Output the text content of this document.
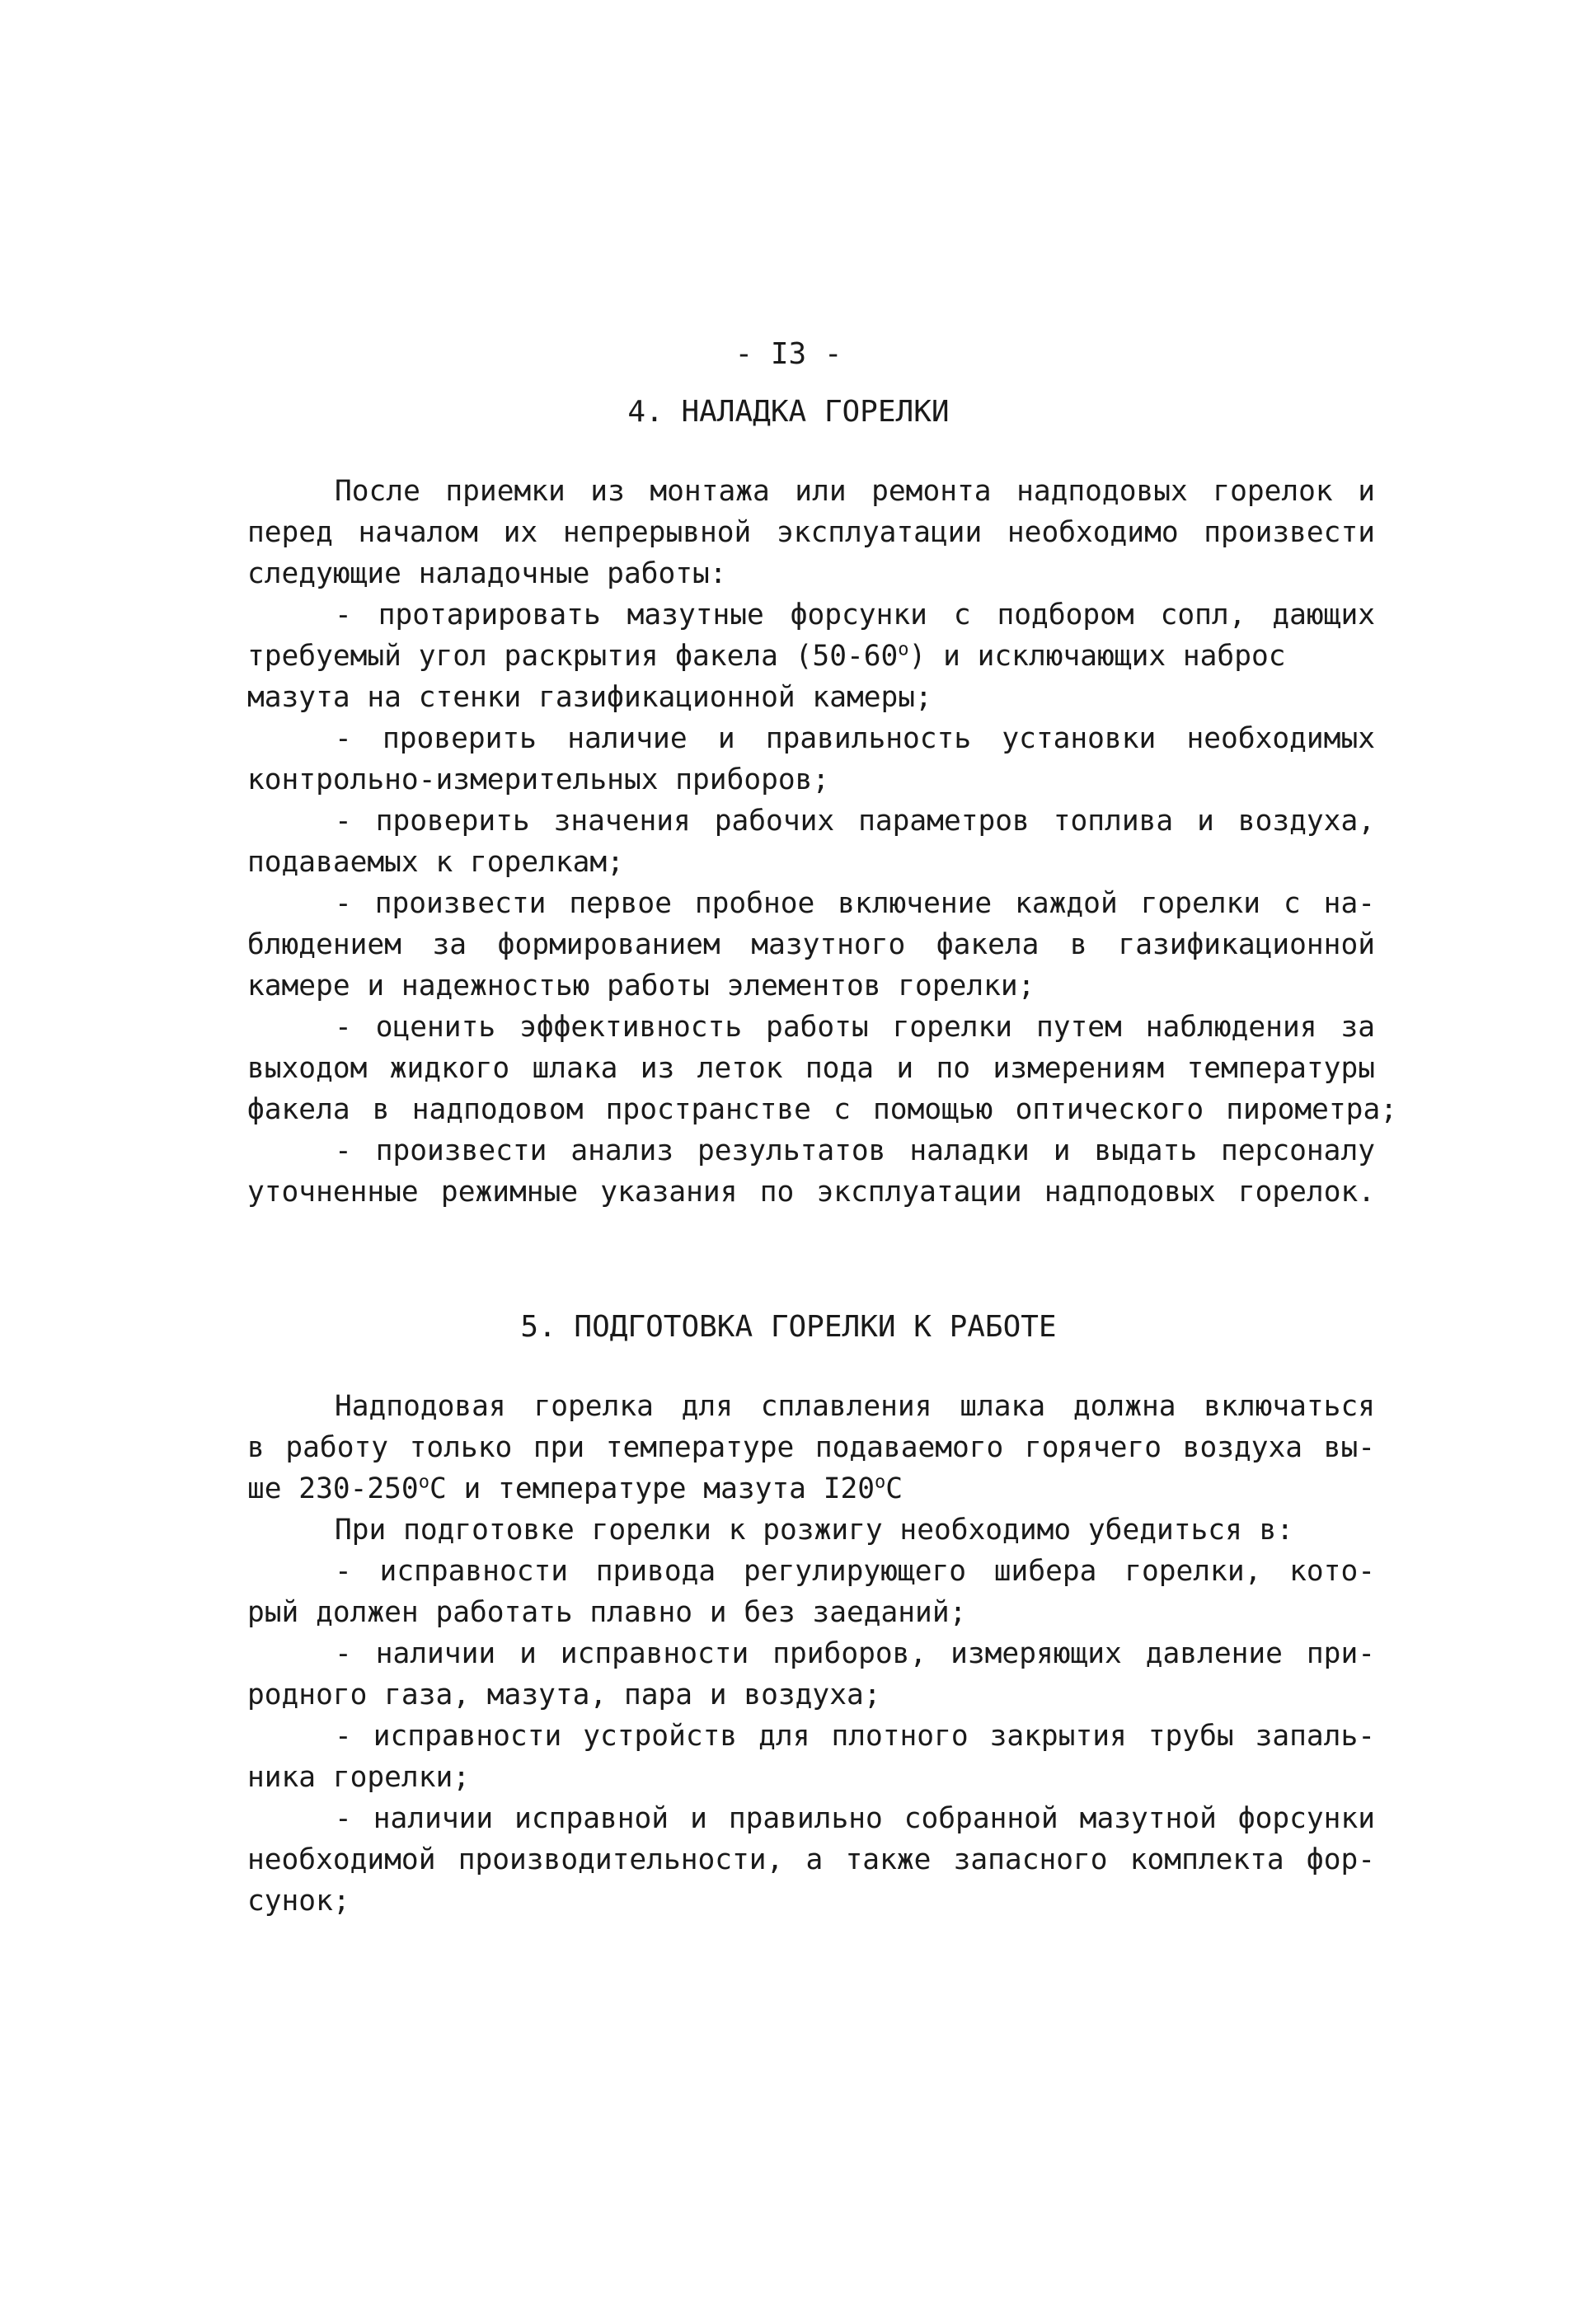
- I3 -
4. НАЛАДКА ГОРЕЛКИ
После приемки из монтажа или ремонта надподовых горелок и
перед началом их непрерывной эксплуатации необходимо произвести
следующие наладочные работы:
- протарировать мазутные форсунки с подбором сопл, дающих
требуемый угол раскрытия факела $(50-60^о)$ и исключающих наброс
мазута на стенки газификационной камеры;
- проверить наличие и правильность установки необходимых
контрольно-измерительных приборов;
- проверить значения рабочих параметров топлива и воздуха,
подаваемых к горелкам;
- произвести первое пробное включение каждой горелки с на-
блюдением за формированием мазутного факела в газификационной
камере и надежностью работы элементов горелки;
- оценить эффективность работы горелки путем наблюдения за
выходом жидкого шлака из леток пода и по измерениям температуры
факела в надподовом пространстве с помощью оптического пирометра;
- произвести анализ результатов наладки и выдать персоналу
уточненные режимные указания по эксплуатации надподовых горелок.
5. ПОДГОТОВКА ГОРЕЛКИ К РАБОТЕ
Надподовая горелка для сплавления шлака должна включаться
в работу только при температуре подаваемого горячего воздуха вы-
ше $230-250^оС$ и температуре мазута $I20^оС$
При подготовке горелки к розжигу необходимо убедиться в:
- исправности привода регулирующего шибера горелки, кото-
рый должен работать плавно и без заеданий;
- наличии и исправности приборов, измеряющих давление при-
родного газа, мазута, пара и воздуха;
- исправности устройств для плотного закрытия трубы запаль-
ника горелки;
- наличии исправной и правильно собранной мазутной форсунки
необходимой производительности, а также запасного комплекта фор-
сунок;
